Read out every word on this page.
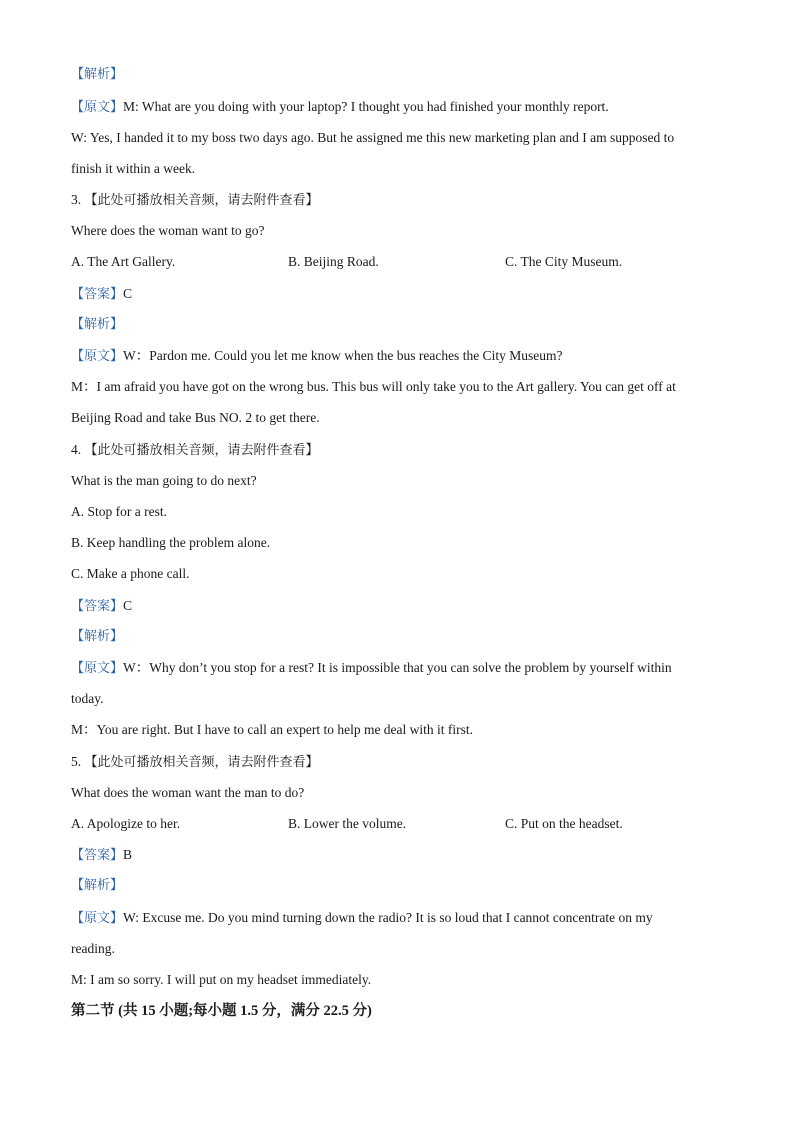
【解析】
【原文】M: What are you doing with your laptop? I thought you had finished your monthly report.
W: Yes, I handed it to my boss two days ago. But he assigned me this new marketing plan and I am supposed to
finish it within a week.
3. 【此处可播放相关音频，请去附件查看】
Where does the woman want to go?
A. The Art Gallery.	B. Beijing Road.	C. The City Museum.
【答案】C
【解析】
【原文】W：Pardon me. Could you let me know when the bus reaches the City Museum?
M：I am afraid you have got on the wrong bus. This bus will only take you to the Art gallery. You can get off at
Beijing Road and take Bus NO. 2 to get there.
4. 【此处可播放相关音频，请去附件查看】
What is the man going to do next?
A. Stop for a rest.
B. Keep handling the problem alone.
C. Make a phone call.
【答案】C
【解析】
【原文】W：Why don’t you stop for a rest? It is impossible that you can solve the problem by yourself within
today.
M：You are right. But I have to call an expert to help me deal with it first.
5. 【此处可播放相关音频，请去附件查看】
What does the woman want the man to do?
A. Apologize to her.	B. Lower the volume.	C. Put on the headset.
【答案】B
【解析】
【原文】W: Excuse me. Do you mind turning down the radio? It is so loud that I cannot concentrate on my
reading.
M: I am so sorry. I will put on my headset immediately.
第二节 (共 15 小题;每小题 1.5 分，满分 22.5 分)
